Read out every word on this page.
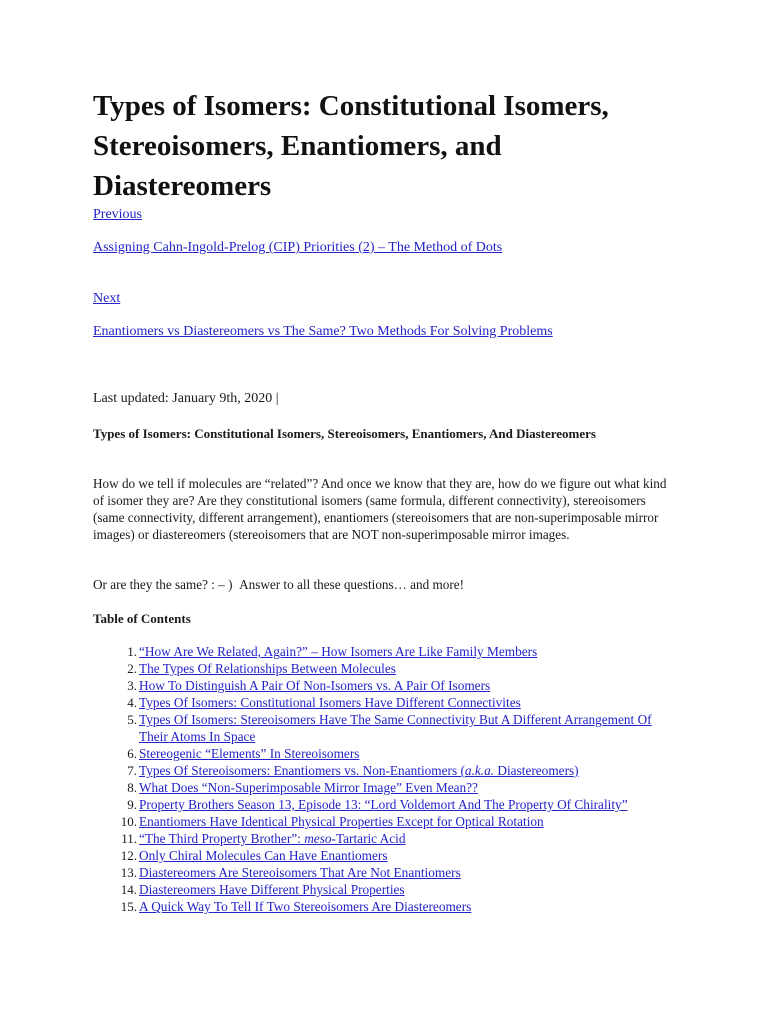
Types of Isomers: Constitutional Isomers, Stereoisomers, Enantiomers, and Diastereomers
Previous
Assigning Cahn-Ingold-Prelog (CIP) Priorities (2) – The Method of Dots
Next
Enantiomers vs Diastereomers vs The Same? Two Methods For Solving Problems
Last updated: January 9th, 2020 |
Types of Isomers: Constitutional Isomers, Stereoisomers, Enantiomers, And Diastereomers

How do we tell if molecules are “related”? And once we know that they are, how do we figure out what kind of isomer they are? Are they constitutional isomers (same formula, different connectivity), stereoisomers (same connectivity, different arrangement), enantiomers (stereoisomers that are non-superimposable mirror images) or diastereomers (stereoisomers that are NOT non-superimposable mirror images.

Or are they the same? : – )  Answer to all these questions… and more!

Table of Contents
1. “How Are We Related, Again?” – How Isomers Are Like Family Members
2. The Types Of Relationships Between Molecules
3. How To Distinguish A Pair Of Non-Isomers vs. A Pair Of Isomers
4. Types Of Isomers: Constitutional Isomers Have Different Connectivites
5. Types Of Isomers: Stereoisomers Have The Same Connectivity But A Different Arrangement Of Their Atoms In Space
6. Stereogenic “Elements” In Stereoisomers
7. Types Of Stereoisomers: Enantiomers vs. Non-Enantiomers (a.k.a. Diastereomers)
8. What Does “Non-Superimposable Mirror Image” Even Mean??
9. Property Brothers Season 13, Episode 13: “Lord Voldemort And The Property Of Chirality”
10. Enantiomers Have Identical Physical Properties Except for Optical Rotation
11. “The Third Property Brother”: meso-Tartaric Acid
12. Only Chiral Molecules Can Have Enantiomers
13. Diastereomers Are Stereoisomers That Are Not Enantiomers
14. Diastereomers Have Different Physical Properties
15. A Quick Way To Tell If Two Stereoisomers Are Diastereomers
